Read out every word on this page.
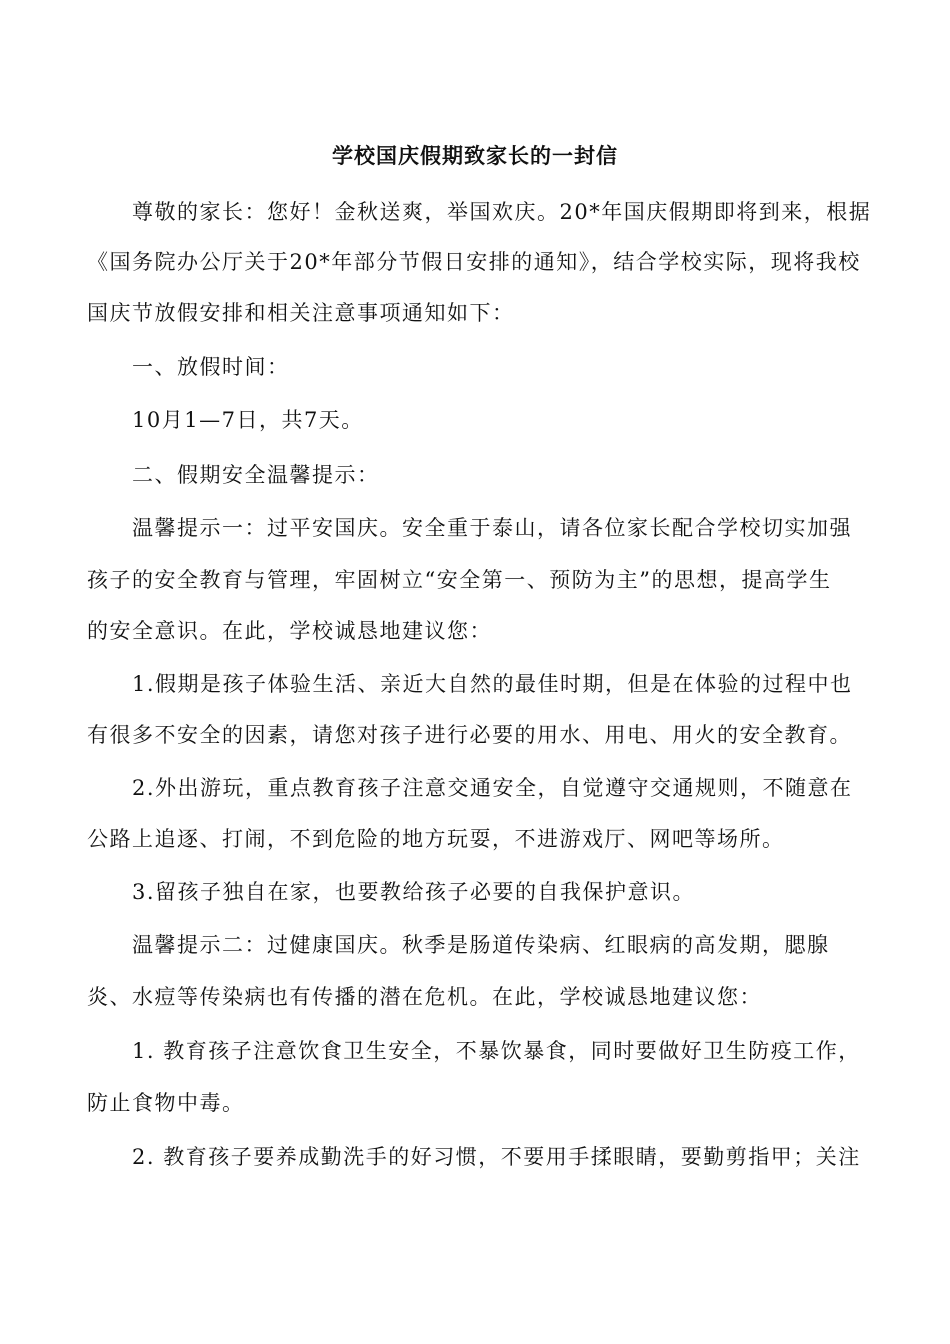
学校国庆假期致家长的一封信

尊敬的家长：您好！金秋送爽，举国欢庆。20*年国庆假期即将到来，根据

《国务院办公厅关于20*年部分节假日安排的通知》，结合学校实际，现将我校

国庆节放假安排和相关注意事项通知如下：

一、放假时间：

10月1—7日，共7天。

二、假期安全温馨提示：

温馨提示一：过平安国庆。安全重于泰山，请各位家长配合学校切实加强

孩子的安全教育与管理，牢固树立“安全第一、预防为主”的思想，提高学生

的安全意识。在此，学校诚恳地建议您：

1.假期是孩子体验生活、亲近大自然的最佳时期，但是在体验的过程中也

有很多不安全的因素，请您对孩子进行必要的用水、用电、用火的安全教育。

2.外出游玩，重点教育孩子注意交通安全，自觉遵守交通规则，不随意在

公路上追逐、打闹，不到危险的地方玩耍，不进游戏厅、网吧等场所。

3.留孩子独自在家，也要教给孩子必要的自我保护意识。

温馨提示二：过健康国庆。秋季是肠道传染病、红眼病的高发期，腮腺

炎、水痘等传染病也有传播的潜在危机。在此，学校诚恳地建议您：

1. 教育孩子注意饮食卫生安全，不暴饮暴食，同时要做好卫生防疫工作，

防止食物中毒。

2. 教育孩子要养成勤洗手的好习惯，不要用手揉眼睛，要勤剪指甲；关注
